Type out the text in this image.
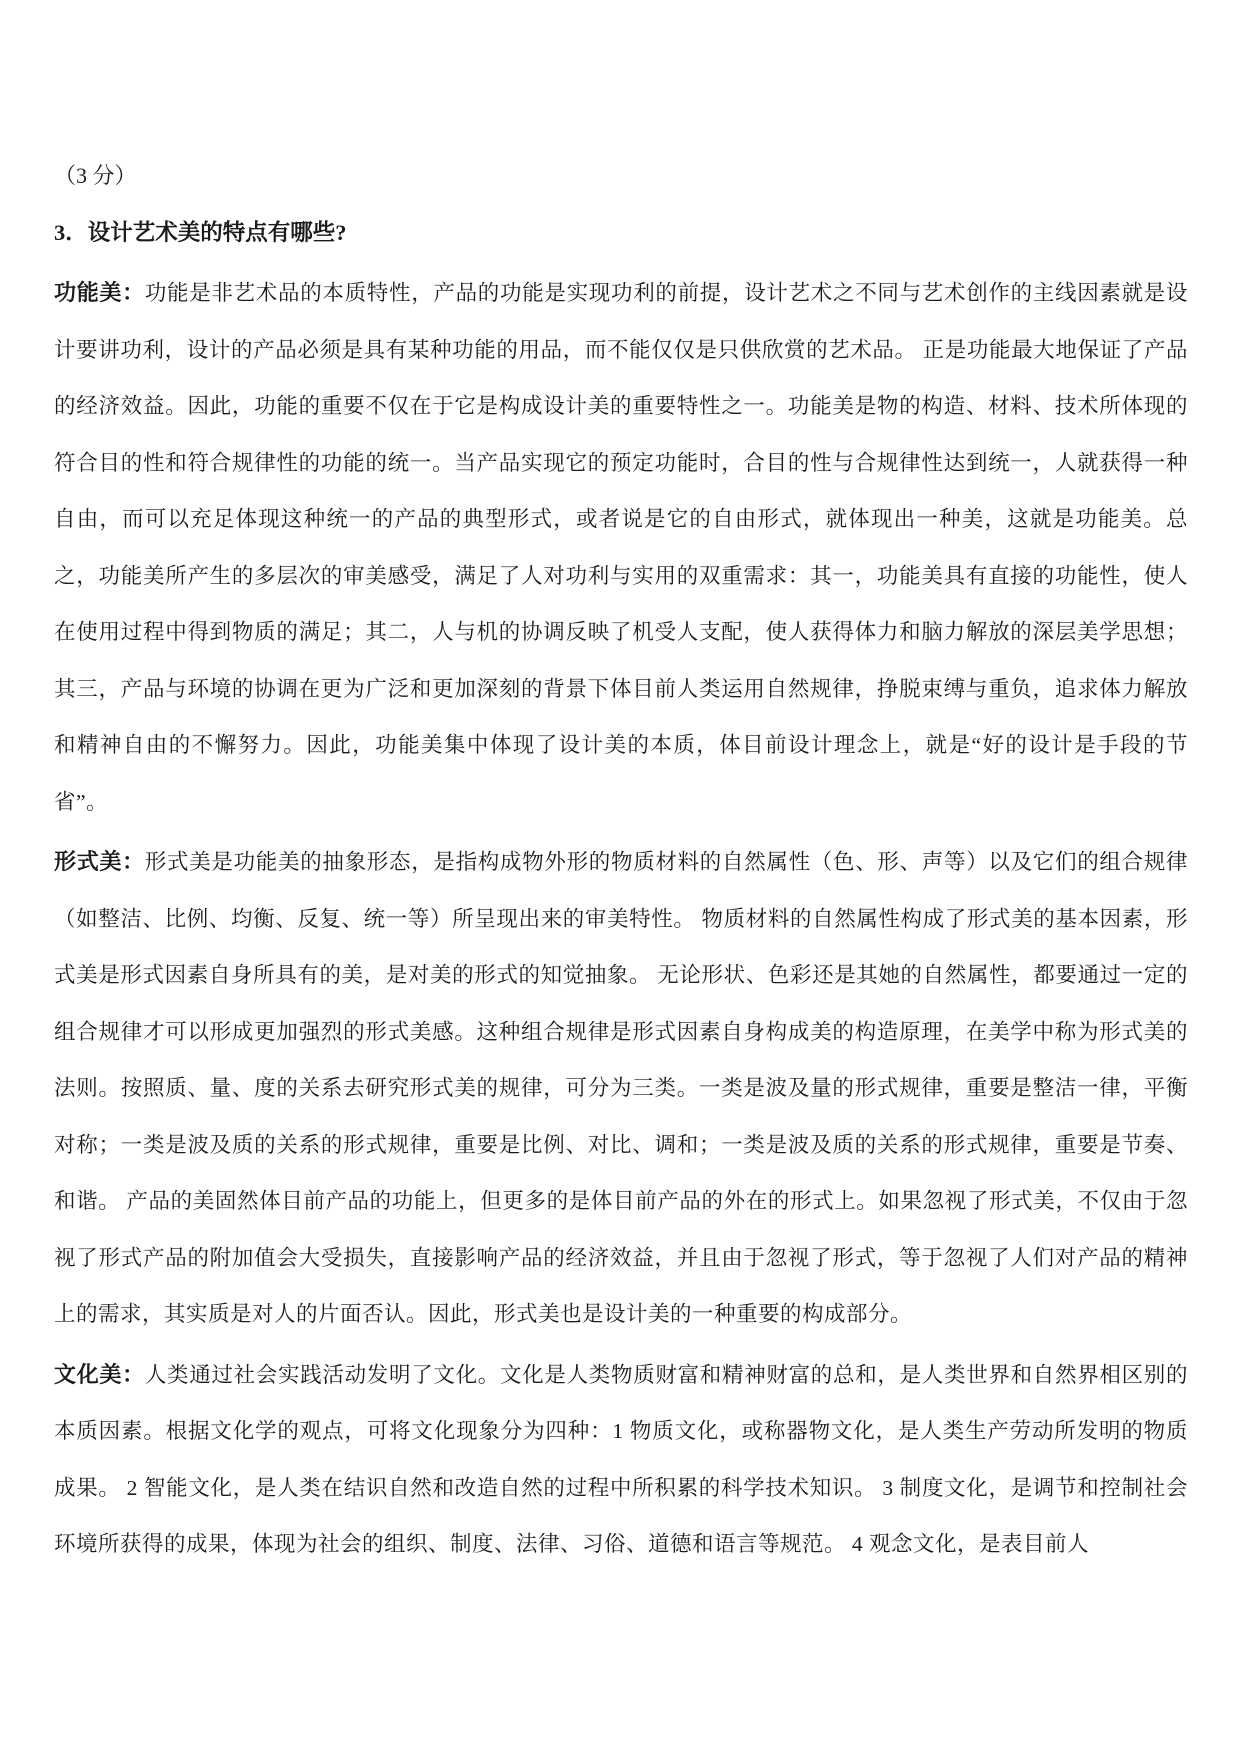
（3 分）

3．设计艺术美的特点有哪些?

功能美：功能是非艺术品的本质特性，产品的功能是实现功利的前提，设计艺术之不同与艺术创作的主线因素就是设计要讲功利，设计的产品必须是具有某种功能的用品，而不能仅仅是只供欣赏的艺术品。 正是功能最大地保证了产品的经济效益。因此，功能的重要不仅在于它是构成设计美的重要特性之一。功能美是物的构造、材料、技术所体现的符合目的性和符合规律性的功能的统一。当产品实现它的预定功能时，合目的性与合规律性达到统一，人就获得一种自由，而可以充足体现这种统一的产品的典型形式，或者说是它的自由形式，就体现出一种美，这就是功能美。总之，功能美所产生的多层次的审美感受，满足了人对功利与实用的双重需求：其一，功能美具有直接的功能性，使人在使用过程中得到物质的满足；其二，人与机的协调反映了机受人支配，使人获得体力和脑力解放的深层美学思想；其三，产品与环境的协调在更为广泛和更加深刻的背景下体目前人类运用自然规律，挣脱束缚与重负，追求体力解放和精神自由的不懈努力。因此，功能美集中体现了设计美的本质，体目前设计理念上，就是“好的设计是手段的节省”。

形式美：形式美是功能美的抽象形态，是指构成物外形的物质材料的自然属性（色、形、声等）以及它们的组合规律（如整洁、比例、均衡、反复、统一等）所呈现出来的审美特性。 物质材料的自然属性构成了形式美的基本因素，形式美是形式因素自身所具有的美，是对美的形式的知觉抽象。 无论形状、色彩还是其她的自然属性，都要通过一定的组合规律才可以形成更加强烈的形式美感。这种组合规律是形式因素自身构成美的构造原理，在美学中称为形式美的法则。按照质、量、度的关系去研究形式美的规律，可分为三类。一类是波及量的形式规律，重要是整洁一律，平衡对称；一类是波及质的关系的形式规律，重要是比例、对比、调和；一类是波及质的关系的形式规律，重要是节奏、和谐。 产品的美固然体目前产品的功能上，但更多的是体目前产品的外在的形式上。如果忽视了形式美，不仅由于忽视了形式产品的附加值会大受损失，直接影响产品的经济效益，并且由于忽视了形式，等于忽视了人们对产品的精神上的需求，其实质是对人的片面否认。因此，形式美也是设计美的一种重要的构成部分。

文化美：人类通过社会实践活动发明了文化。文化是人类物质财富和精神财富的总和，是人类世界和自然界相区别的本质因素。根据文化学的观点，可将文化现象分为四种：1 物质文化，或称器物文化，是人类生产劳动所发明的物质成果。 2 智能文化，是人类在结识自然和改造自然的过程中所积累的科学技术知识。 3 制度文化，是调节和控制社会环境所获得的成果，体现为社会的组织、制度、法律、习俗、道德和语言等规范。 4 观念文化，是表目前人
